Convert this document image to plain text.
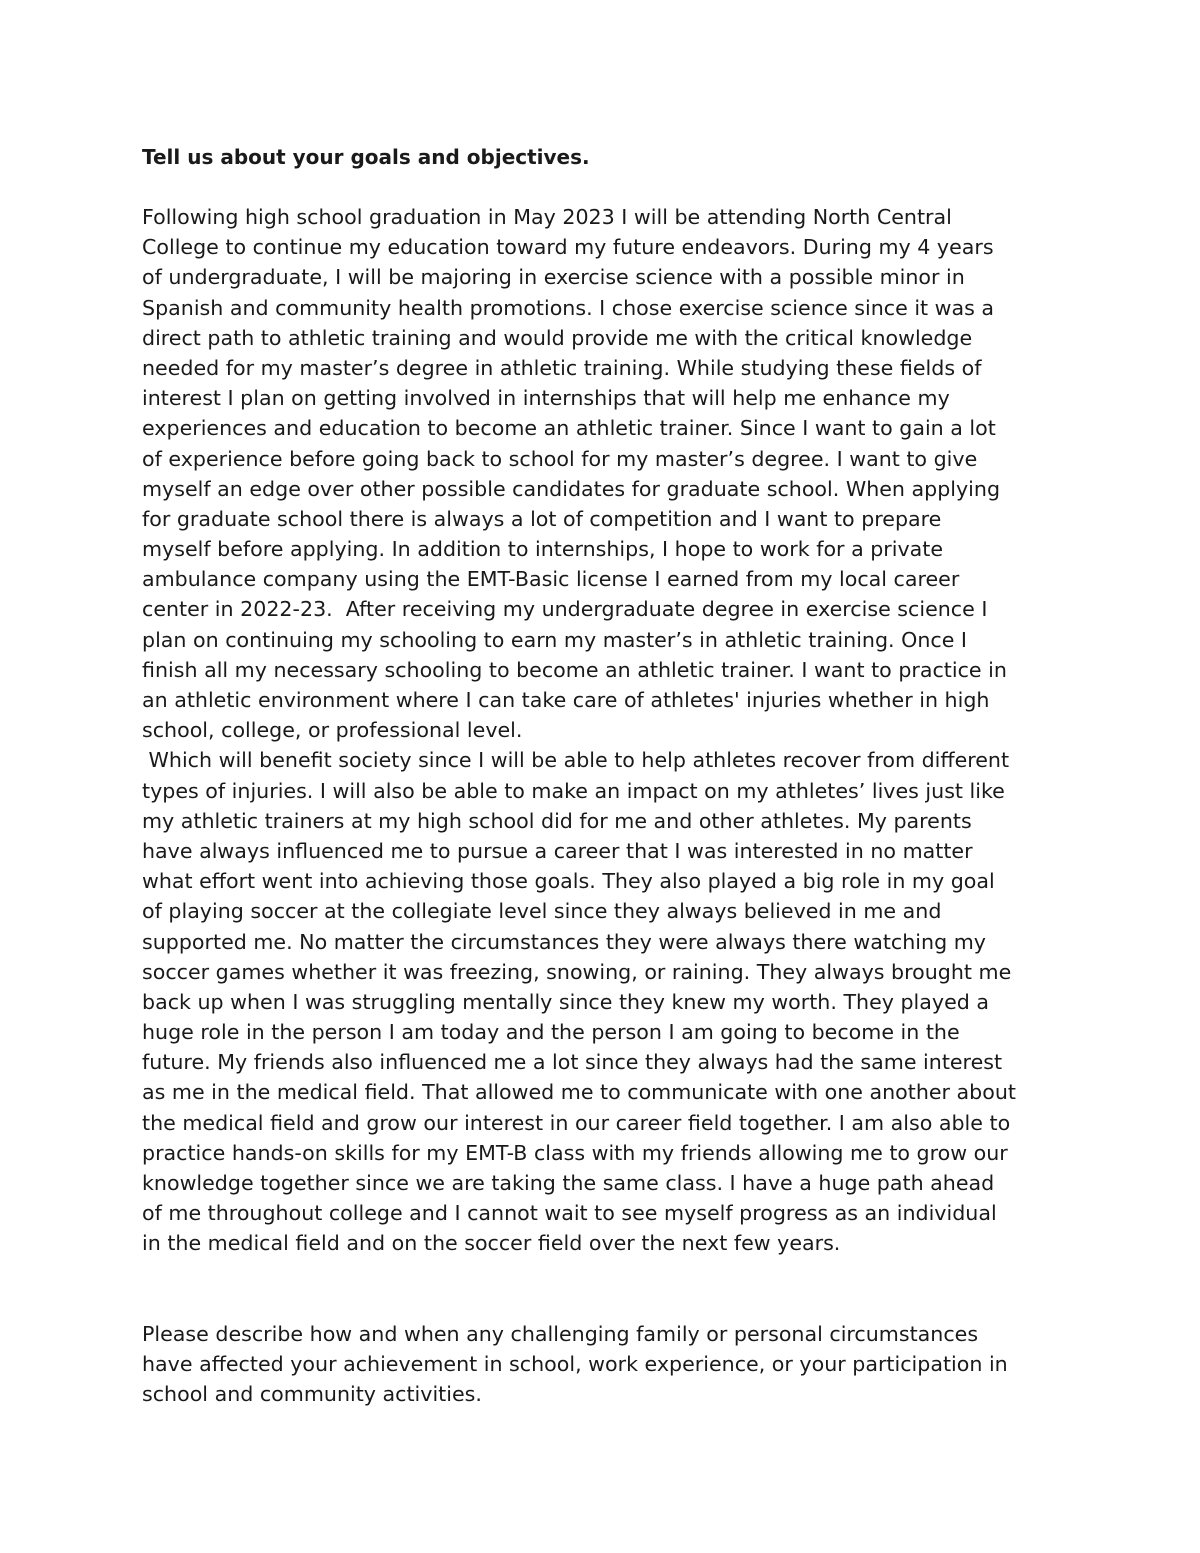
Tell us about your goals and objectives.
Following high school graduation in May 2023 I will be attending North Central
College to continue my education toward my future endeavors. During my 4 years
of undergraduate, I will be majoring in exercise science with a possible minor in
Spanish and community health promotions. I chose exercise science since it was a
direct path to athletic training and would provide me with the critical knowledge
needed for my master’s degree in athletic training. While studying these fields of
interest I plan on getting involved in internships that will help me enhance my
experiences and education to become an athletic trainer. Since I want to gain a lot
of experience before going back to school for my master’s degree. I want to give
myself an edge over other possible candidates for graduate school. When applying
for graduate school there is always a lot of competition and I want to prepare
myself before applying. In addition to internships, I hope to work for a private
ambulance company using the EMT-Basic license I earned from my local career
center in 2022-23.  After receiving my undergraduate degree in exercise science I
plan on continuing my schooling to earn my master’s in athletic training. Once I
finish all my necessary schooling to become an athletic trainer. I want to practice in
an athletic environment where I can take care of athletes' injuries whether in high
school, college, or professional level.
Which will benefit society since I will be able to help athletes recover from different
types of injuries. I will also be able to make an impact on my athletes’ lives just like
my athletic trainers at my high school did for me and other athletes. My parents
have always influenced me to pursue a career that I was interested in no matter
what effort went into achieving those goals. They also played a big role in my goal
of playing soccer at the collegiate level since they always believed in me and
supported me. No matter the circumstances they were always there watching my
soccer games whether it was freezing, snowing, or raining. They always brought me
back up when I was struggling mentally since they knew my worth. They played a
huge role in the person I am today and the person I am going to become in the
future. My friends also influenced me a lot since they always had the same interest
as me in the medical field. That allowed me to communicate with one another about
the medical field and grow our interest in our career field together. I am also able to
practice hands-on skills for my EMT-B class with my friends allowing me to grow our
knowledge together since we are taking the same class. I have a huge path ahead
of me throughout college and I cannot wait to see myself progress as an individual
in the medical field and on the soccer field over the next few years.
Please describe how and when any challenging family or personal circumstances
have affected your achievement in school, work experience, or your participation in
school and community activities.
